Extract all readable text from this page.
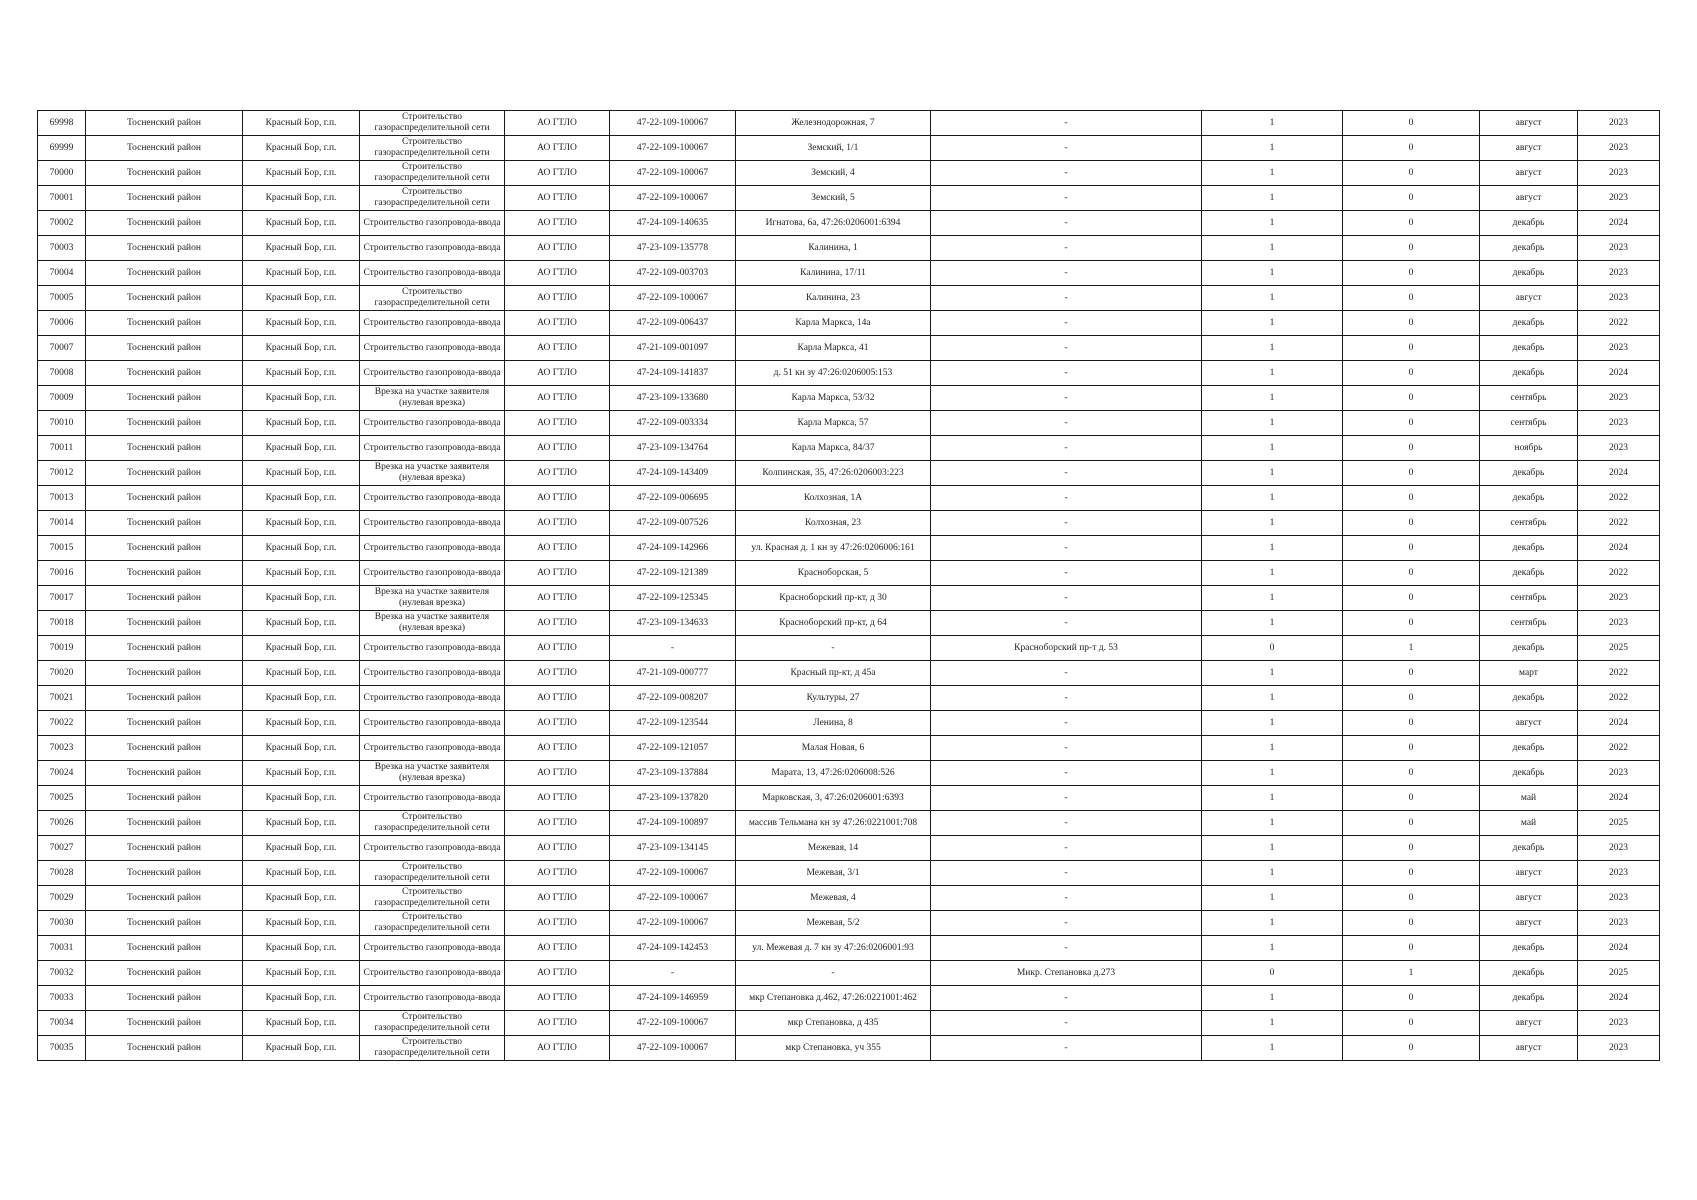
69998	Тосненский район	Красный Бор, г.п.	Строительство газораспределительной сети	АО ГТЛО	47-22-109-100067	Железнодорожная, 7	-	1	0	август	2023
69999	Тосненский район	Красный Бор, г.п.	Строительство газораспределительной сети	АО ГТЛО	47-22-109-100067	Земский, 1/1	-	1	0	август	2023
70000	Тосненский район	Красный Бор, г.п.	Строительство газораспределительной сети	АО ГТЛО	47-22-109-100067	Земский, 4	-	1	0	август	2023
70001	Тосненский район	Красный Бор, г.п.	Строительство газораспределительной сети	АО ГТЛО	47-22-109-100067	Земский, 5	-	1	0	август	2023
70002	Тосненский район	Красный Бор, г.п.	Строительство газопровода-ввода	АО ГТЛО	47-24-109-140635	Игнатова, 6а, 47:26:0206001:6394	-	1	0	декабрь	2024
70003	Тосненский район	Красный Бор, г.п.	Строительство газопровода-ввода	АО ГТЛО	47-23-109-135778	Калинина, 1	-	1	0	декабрь	2023
70004	Тосненский район	Красный Бор, г.п.	Строительство газопровода-ввода	АО ГТЛО	47-22-109-003703	Калинина, 17/11	-	1	0	декабрь	2023
70005	Тосненский район	Красный Бор, г.п.	Строительство газораспределительной сети	АО ГТЛО	47-22-109-100067	Калинина, 23	-	1	0	август	2023
70006	Тосненский район	Красный Бор, г.п.	Строительство газопровода-ввода	АО ГТЛО	47-22-109-006437	Карла Маркса, 14а	-	1	0	декабрь	2022
70007	Тосненский район	Красный Бор, г.п.	Строительство газопровода-ввода	АО ГТЛО	47-21-109-001097	Карла Маркса, 41	-	1	0	декабрь	2023
70008	Тосненский район	Красный Бор, г.п.	Строительство газопровода-ввода	АО ГТЛО	47-24-109-141837	д. 51 кн зу 47:26:0206005:153	-	1	0	декабрь	2024
70009	Тосненский район	Красный Бор, г.п.	Врезка на участке заявителя (нулевая врезка)	АО ГТЛО	47-23-109-133680	Карла Маркса, 53/32	-	1	0	сентябрь	2023
70010	Тосненский район	Красный Бор, г.п.	Строительство газопровода-ввода	АО ГТЛО	47-22-109-003334	Карла Маркса, 57	-	1	0	сентябрь	2023
70011	Тосненский район	Красный Бор, г.п.	Строительство газопровода-ввода	АО ГТЛО	47-23-109-134764	Карла Маркса, 84/37	-	1	0	ноябрь	2023
70012	Тосненский район	Красный Бор, г.п.	Врезка на участке заявителя (нулевая врезка)	АО ГТЛО	47-24-109-143409	Колпинская, 35, 47:26:0206003:223	-	1	0	декабрь	2024
70013	Тосненский район	Красный Бор, г.п.	Строительство газопровода-ввода	АО ГТЛО	47-22-109-006695	Колхозная, 1А	-	1	0	декабрь	2022
70014	Тосненский район	Красный Бор, г.п.	Строительство газопровода-ввода	АО ГТЛО	47-22-109-007526	Колхозная, 23	-	1	0	сентябрь	2022
70015	Тосненский район	Красный Бор, г.п.	Строительство газопровода-ввода	АО ГТЛО	47-24-109-142966	ул. Красная д. 1 кн зу 47:26:0206006:161	-	1	0	декабрь	2024
70016	Тосненский район	Красный Бор, г.п.	Строительство газопровода-ввода	АО ГТЛО	47-22-109-121389	Красноборская, 5	-	1	0	декабрь	2022
70017	Тосненский район	Красный Бор, г.п.	Врезка на участке заявителя (нулевая врезка)	АО ГТЛО	47-22-109-125345	Красноборский пр-кт, д 30	-	1	0	сентябрь	2023
70018	Тосненский район	Красный Бор, г.п.	Врезка на участке заявителя (нулевая врезка)	АО ГТЛО	47-23-109-134633	Красноборский пр-кт, д 64	-	1	0	сентябрь	2023
70019	Тосненский район	Красный Бор, г.п.	Строительство газопровода-ввода	АО ГТЛО	-	-	Красноборский пр-т д. 53	0	1	декабрь	2025
70020	Тосненский район	Красный Бор, г.п.	Строительство газопровода-ввода	АО ГТЛО	47-21-109-000777	Красный пр-кт, д 45а	-	1	0	март	2022
70021	Тосненский район	Красный Бор, г.п.	Строительство газопровода-ввода	АО ГТЛО	47-22-109-008207	Культуры, 27	-	1	0	декабрь	2022
70022	Тосненский район	Красный Бор, г.п.	Строительство газопровода-ввода	АО ГТЛО	47-22-109-123544	Ленина, 8	-	1	0	август	2024
70023	Тосненский район	Красный Бор, г.п.	Строительство газопровода-ввода	АО ГТЛО	47-22-109-121057	Малая Новая, 6	-	1	0	декабрь	2022
70024	Тосненский район	Красный Бор, г.п.	Врезка на участке заявителя (нулевая врезка)	АО ГТЛО	47-23-109-137884	Марата, 13, 47:26:0206008:526	-	1	0	декабрь	2023
70025	Тосненский район	Красный Бор, г.п.	Строительство газопровода-ввода	АО ГТЛО	47-23-109-137820	Марковская, 3, 47:26:0206001:6393	-	1	0	май	2024
70026	Тосненский район	Красный Бор, г.п.	Строительство газораспределительной сети	АО ГТЛО	47-24-109-100897	массив Тельмана кн зу 47:26:0221001:708	-	1	0	май	2025
70027	Тосненский район	Красный Бор, г.п.	Строительство газопровода-ввода	АО ГТЛО	47-23-109-134145	Межевая, 14	-	1	0	декабрь	2023
70028	Тосненский район	Красный Бор, г.п.	Строительство газораспределительной сети	АО ГТЛО	47-22-109-100067	Межевая, 3/1	-	1	0	август	2023
70029	Тосненский район	Красный Бор, г.п.	Строительство газораспределительной сети	АО ГТЛО	47-22-109-100067	Межевая, 4	-	1	0	август	2023
70030	Тосненский район	Красный Бор, г.п.	Строительство газораспределительной сети	АО ГТЛО	47-22-109-100067	Межевая, 5/2	-	1	0	август	2023
70031	Тосненский район	Красный Бор, г.п.	Строительство газопровода-ввода	АО ГТЛО	47-24-109-142453	ул. Межевая д. 7 кн зу 47:26:0206001:93	-	1	0	декабрь	2024
70032	Тосненский район	Красный Бор, г.п.	Строительство газопровода-ввода	АО ГТЛО	-	-	Микр. Степановка д.273	0	1	декабрь	2025
70033	Тосненский район	Красный Бор, г.п.	Строительство газопровода-ввода	АО ГТЛО	47-24-109-146959	мкр Степановка д.462, 47:26:0221001:462	-	1	0	декабрь	2024
70034	Тосненский район	Красный Бор, г.п.	Строительство газораспределительной сети	АО ГТЛО	47-22-109-100067	мкр Степановка, д 435	-	1	0	август	2023
70035	Тосненский район	Красный Бор, г.п.	Строительство газораспределительной сети	АО ГТЛО	47-22-109-100067	мкр Степановка, уч 355	-	1	0	август	2023
